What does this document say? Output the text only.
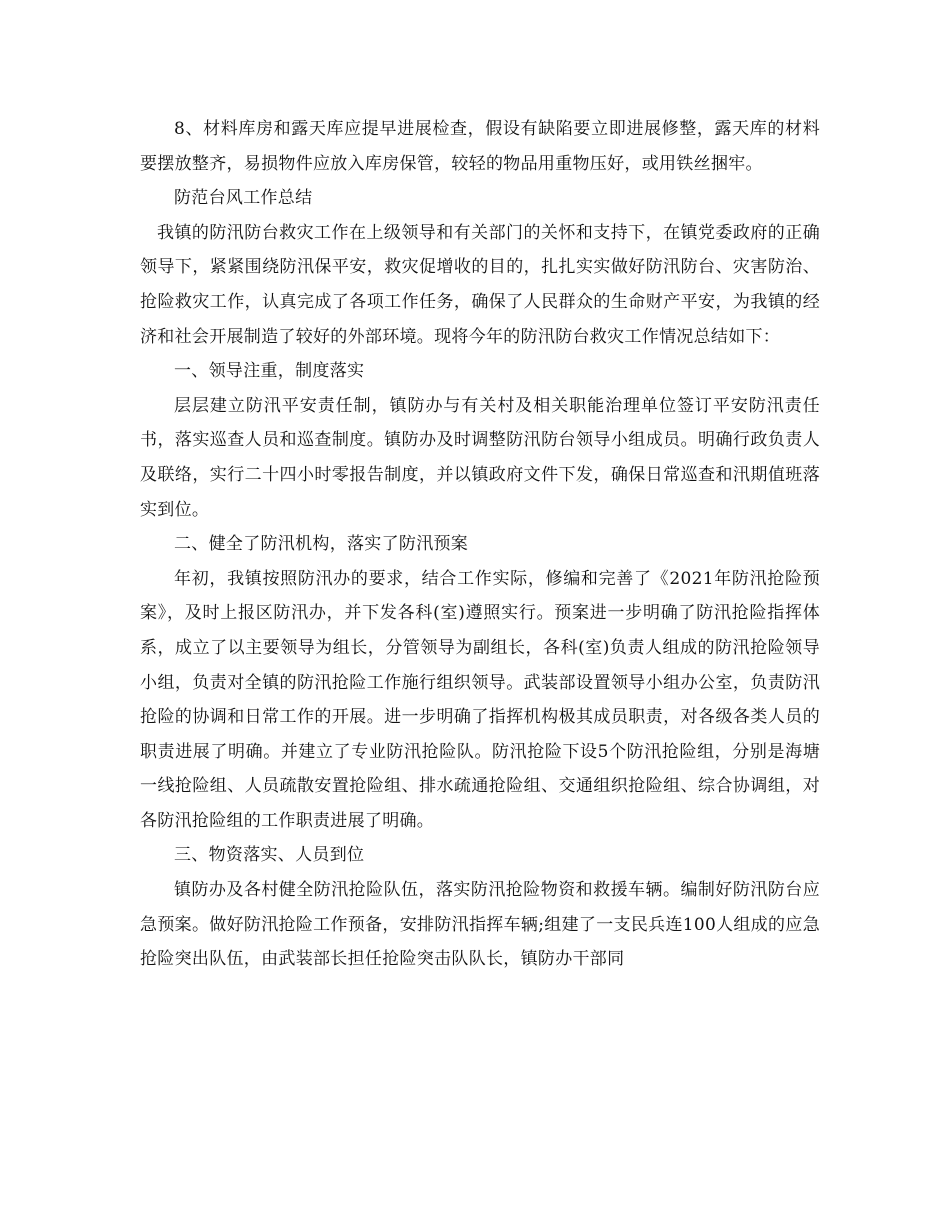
8、材料库房和露天库应提早进展检查，假设有缺陷要立即进展修整，露天库的材料要摆放整齐，易损物件应放入库房保管，较轻的物品用重物压好，或用铁丝捆牢。

防范台风工作总结

我镇的防汛防台救灾工作在上级领导和有关部门的关怀和支持下，在镇党委政府的正确领导下，紧紧围绕防汛保平安，救灾促增收的目的，扎扎实实做好防汛防台、灾害防治、抢险救灾工作，认真完成了各项工作任务，确保了人民群众的生命财产平安，为我镇的经济和社会开展制造了较好的外部环境。现将今年的防汛防台救灾工作情况总结如下：

一、领导注重，制度落实

层层建立防汛平安责任制，镇防办与有关村及相关职能治理单位签订平安防汛责任书，落实巡查人员和巡查制度。镇防办及时调整防汛防台领导小组成员。明确行政负责人及联络，实行二十四小时零报告制度，并以镇政府文件下发，确保日常巡查和汛期值班落实到位。

二、健全了防汛机构，落实了防汛预案

年初，我镇按照防汛办的要求，结合工作实际，修编和完善了《2021年防汛抢险预案》，及时上报区防汛办，并下发各科(室)遵照实行。预案进一步明确了防汛抢险指挥体系，成立了以主要领导为组长，分管领导为副组长，各科(室)负责人组成的防汛抢险领导小组，负责对全镇的防汛抢险工作施行组织领导。武装部设置领导小组办公室，负责防汛抢险的协调和日常工作的开展。进一步明确了指挥机构极其成员职责，对各级各类人员的职责进展了明确。并建立了专业防汛抢险队。防汛抢险下设5个防汛抢险组，分别是海塘一线抢险组、人员疏散安置抢险组、排水疏通抢险组、交通组织抢险组、综合协调组，对各防汛抢险组的工作职责进展了明确。

三、物资落实、人员到位

镇防办及各村健全防汛抢险队伍，落实防汛抢险物资和救援车辆。编制好防汛防台应急预案。做好防汛抢险工作预备，安排防汛指挥车辆;组建了一支民兵连100人组成的应急抢险突出队伍，由武装部长担任抢险突击队队长，镇防办干部同
